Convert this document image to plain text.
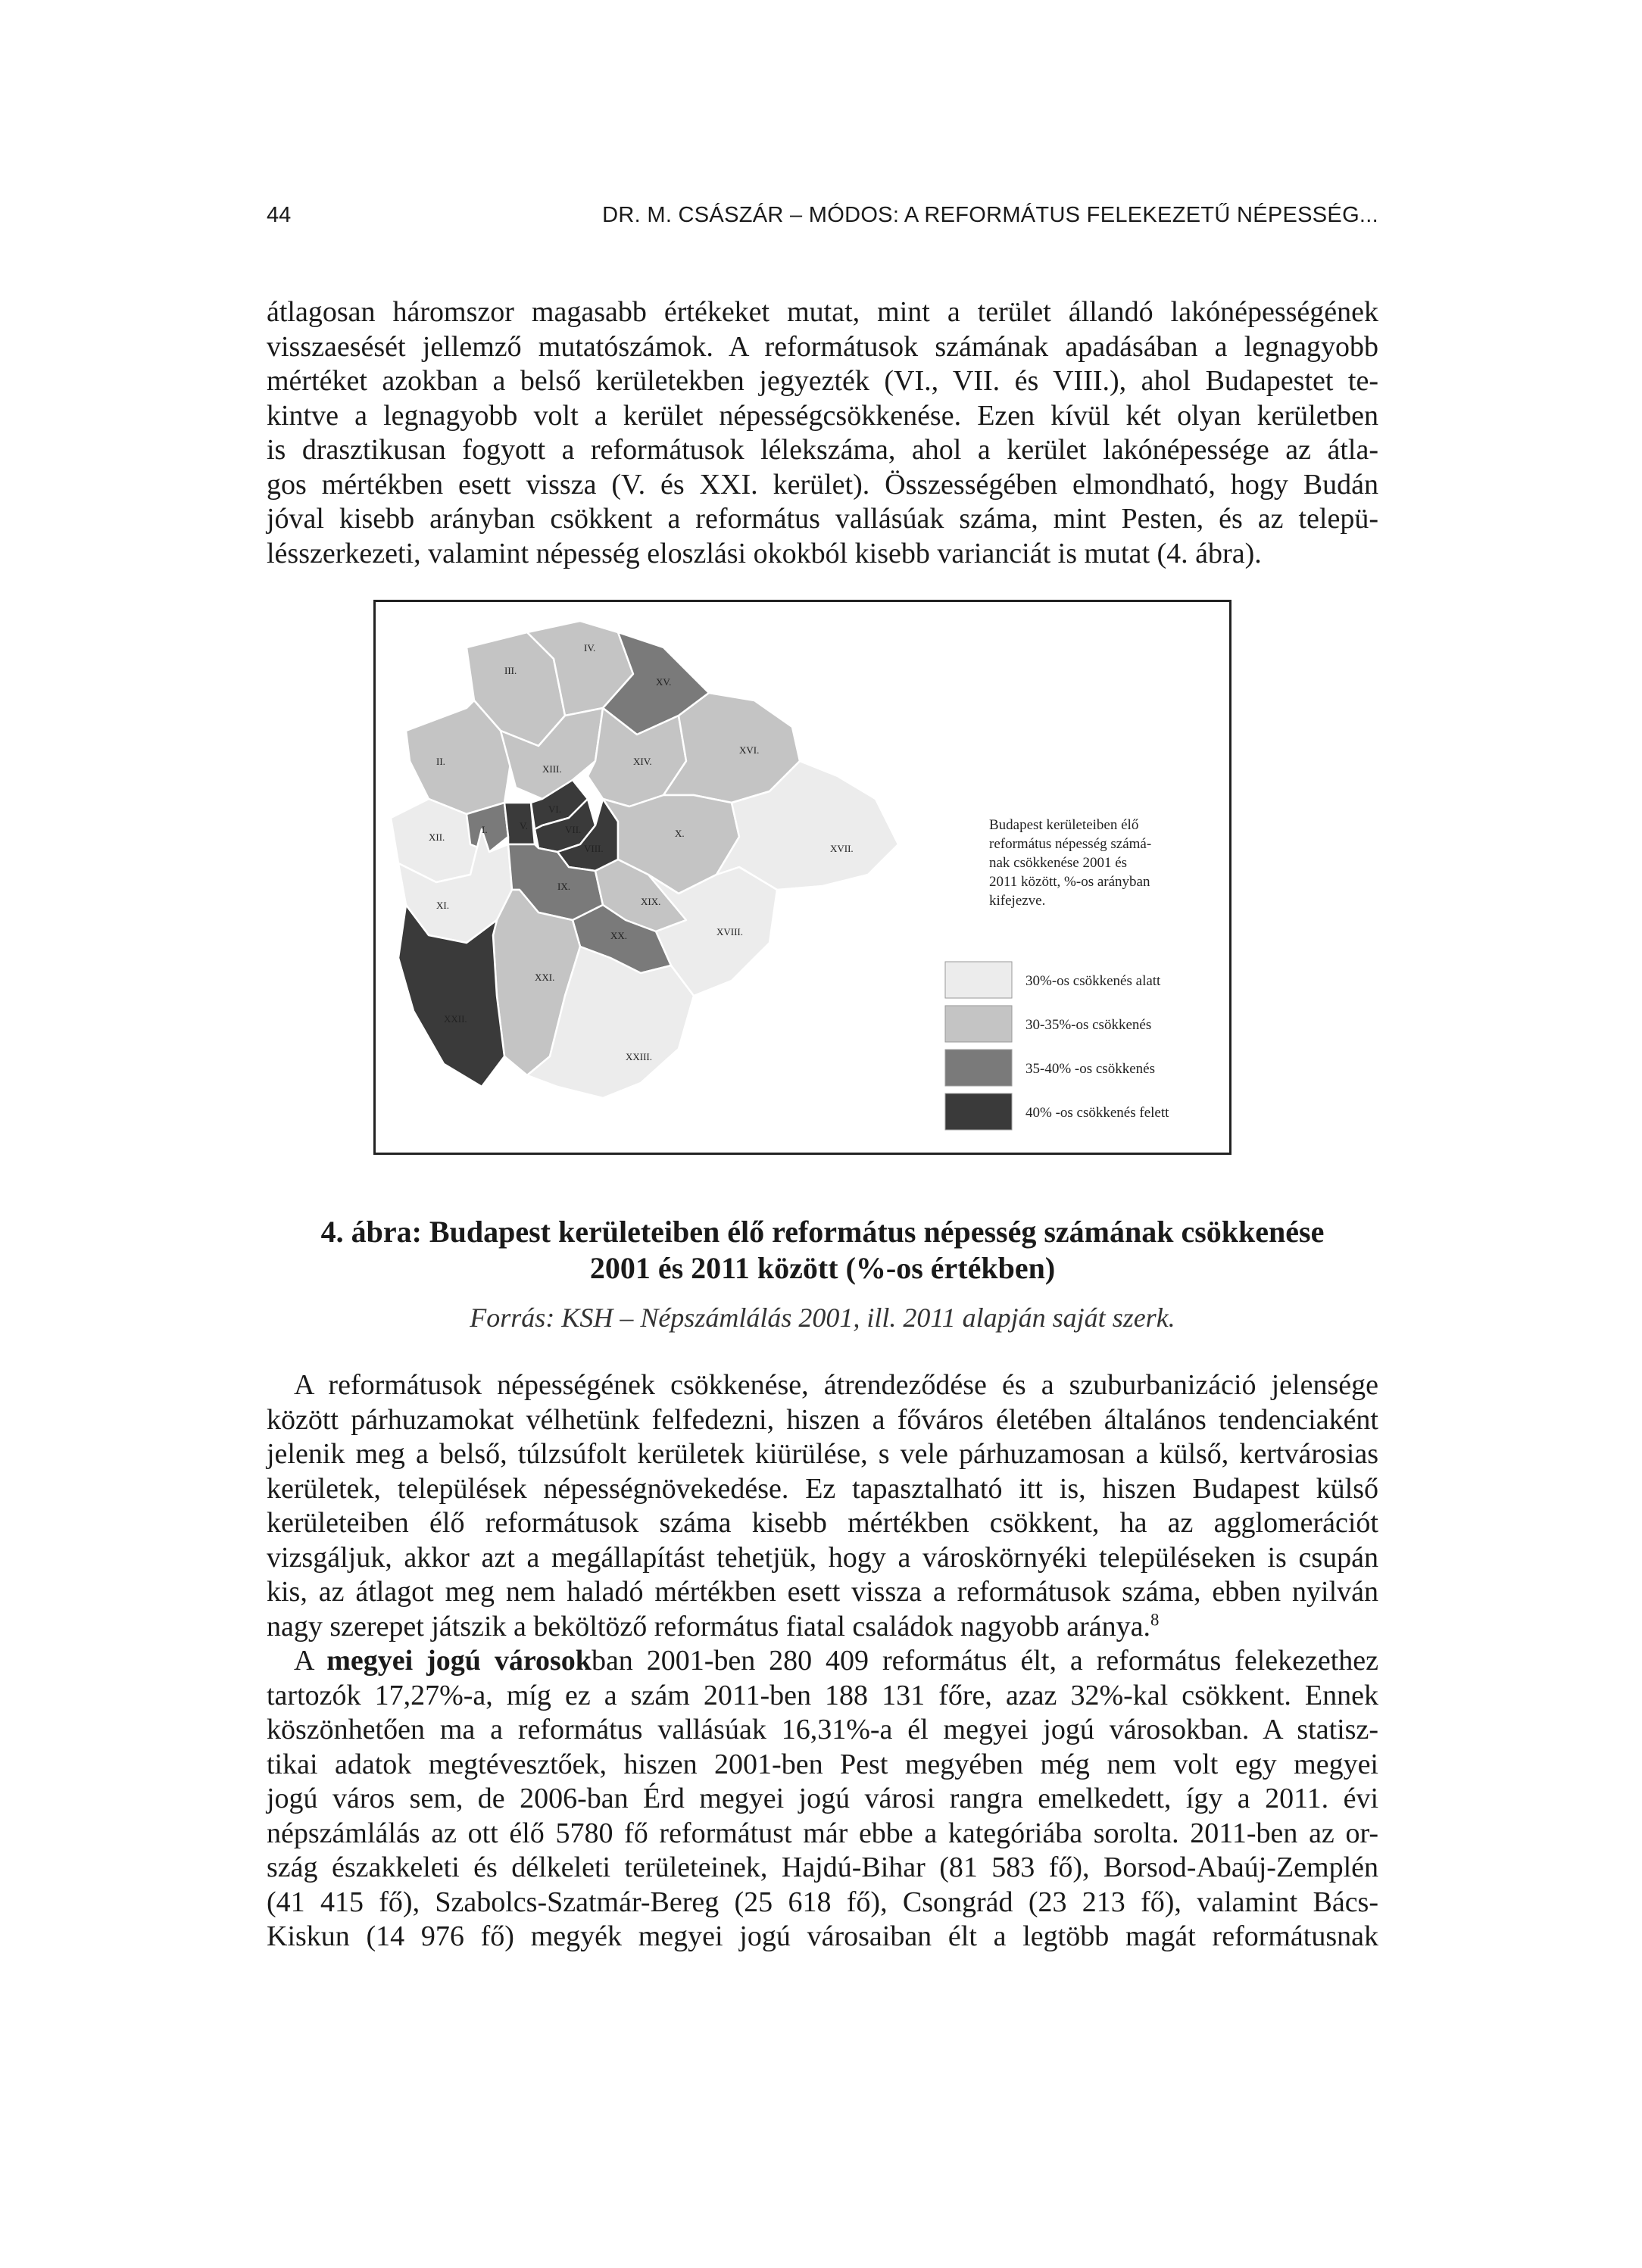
44	DR. M. CSÁSZÁR – MÓDOS: A REFORMÁTUS FELEKEZETŰ NÉPESSÉG...
átlagosan háromszor magasabb értékeket mutat, mint a terület állandó lakónépességének
visszaesését jellemző mutatószámok. A reformátusok számának apadásában a legnagyobb
mértéket azokban a belső kerületekben jegyezték (VI., VII. és VIII.), ahol Budapestet te-
kintve a legnagyobb volt a kerület népességcsökkenése. Ezen kívül két olyan kerületben
is drasztikusan fogyott a reformátusok lélekszáma, ahol a kerület lakónépessége az átla-
gos mértékben esett vissza (V. és XXI. kerület). Összességében elmondható, hogy Budán
jóval kisebb arányban csökkent a református vallásúak száma, mint Pesten, és az telepü-
lésszerkezeti, valamint népesség eloszlási okokból kisebb varianciát is mutat (4. ábra).
I.
II.
III.
IV.
V.
VI.
VII.
VIII.
IX.
X.
XI.
XII.
XIII.
XIV.
XV.
XVI.
XVII.
XVIII.
XIX.
XX.
XXI.
XXII.
XXIII.
Budapest kerületeiben élő
református népesség számá-
nak csökkenése 2001 és
2011 között, %-os arányban
kifejezve.
30%-os csökkenés alatt
30-35%-os csökkenés
35-40% -os csökkenés
40% -os csökkenés felett

4. ábra: Budapest kerületeiben élő református népesség számának csökkenése
2001 és 2011 között (%-os értékben)

Forrás: KSH – Népszámlálás 2001, ill. 2011 alapján saját szerk.

A reformátusok népességének csökkenése, átrendeződése és a szuburbanizáció jelensége
között párhuzamokat vélhetünk felfedezni, hiszen a főváros életében általános tendenciaként
jelenik meg a belső, túlzsúfolt kerületek kiürülése, s vele párhuzamosan a külső, kertvárosias
kerületek, települések népességnövekedése. Ez tapasztalható itt is, hiszen Budapest külső
kerületeiben élő reformátusok száma kisebb mértékben csökkent, ha az agglomerációt
vizsgáljuk, akkor azt a megállapítást tehetjük, hogy a városkörnyéki településeken is csupán
kis, az átlagot meg nem haladó mértékben esett vissza a reformátusok száma, ebben nyilván
nagy szerepet játszik a beköltöző református fiatal családok nagyobb aránya.$^8$
A megyei jogú városokban 2001-ben 280 409 református élt, a református felekezethez
tartozók 17,27%-a, míg ez a szám 2011-ben 188 131 főre, azaz 32%-kal csökkent. Ennek
köszönhetően ma a református vallásúak 16,31%-a él megyei jogú városokban. A statisz-
tikai adatok megtévesztőek, hiszen 2001-ben Pest megyében még nem volt egy megyei
jogú város sem, de 2006-ban Érd megyei jogú városi rangra emelkedett, így a 2011. évi
népszámlálás az ott élő 5780 fő reformátust már ebbe a kategóriába sorolta. 2011-ben az or-
szág északkeleti és délkeleti területeinek, Hajdú-Bihar (81 583 fő), Borsod-Abaúj-Zemplén
(41 415 fő), Szabolcs-Szatmár-Bereg (25 618 fő), Csongrád (23 213 fő), valamint Bács-
Kiskun (14 976 fő) megyék megyei jogú városaiban élt a legtöbb magát reformátusnak
